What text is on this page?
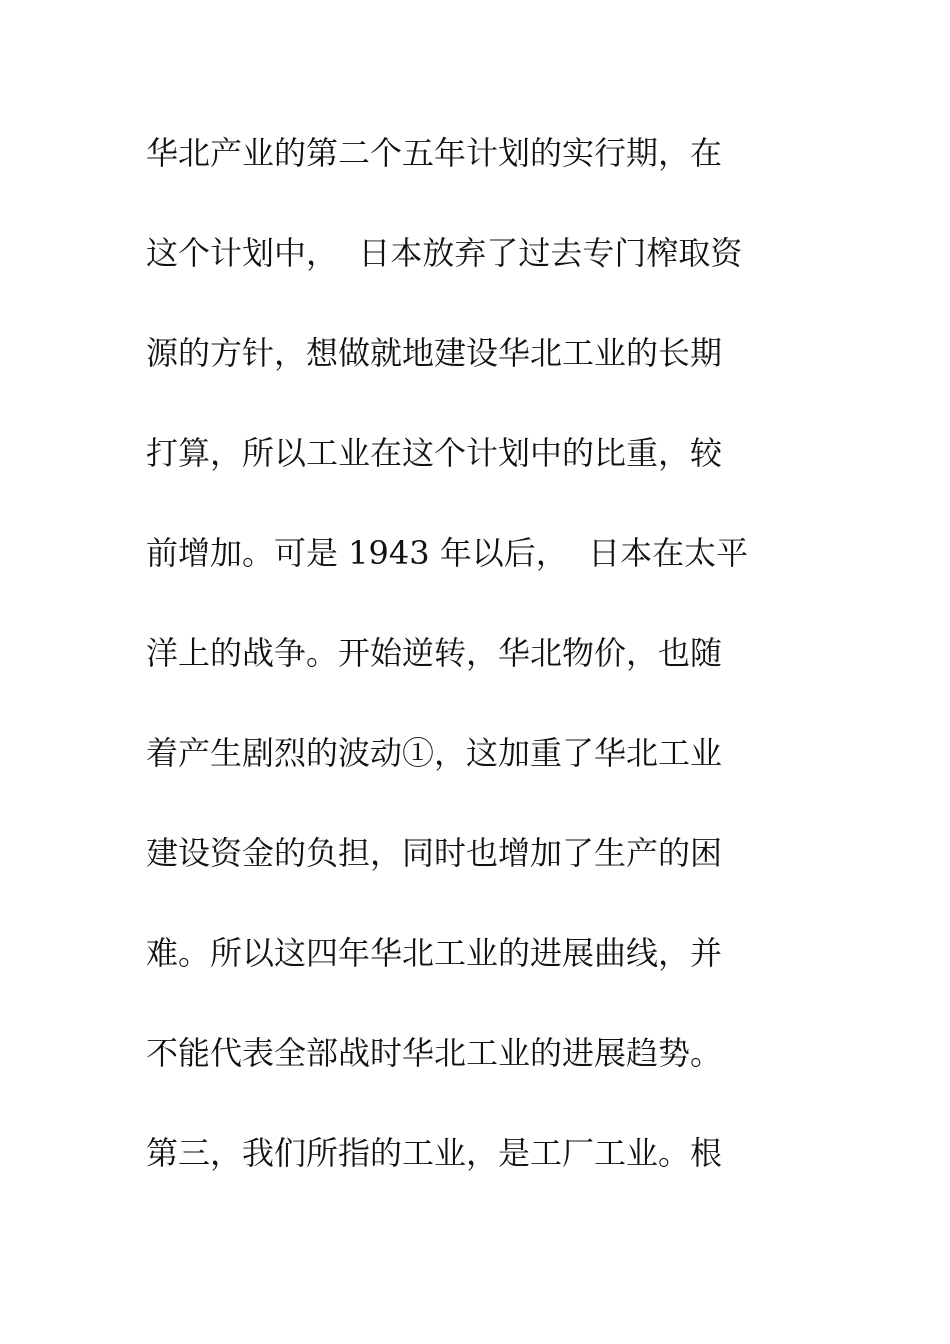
华北产业的第二个五年计划的实行期，在
这个计划中，  日本放弃了过去专门榨取资
源的方针，想做就地建设华北工业的长期
打算，所以工业在这个计划中的比重，较
前增加。可是 1943 年以后，  日本在太平
洋上的战争。开始逆转，华北物价，也随
着产生剧烈的波动①，这加重了华北工业
建设资金的负担，同时也增加了生产的困
难。所以这四年华北工业的进展曲线，并
不能代表全部战时华北工业的进展趋势。
第三，我们所指的工业，是工厂工业。根
